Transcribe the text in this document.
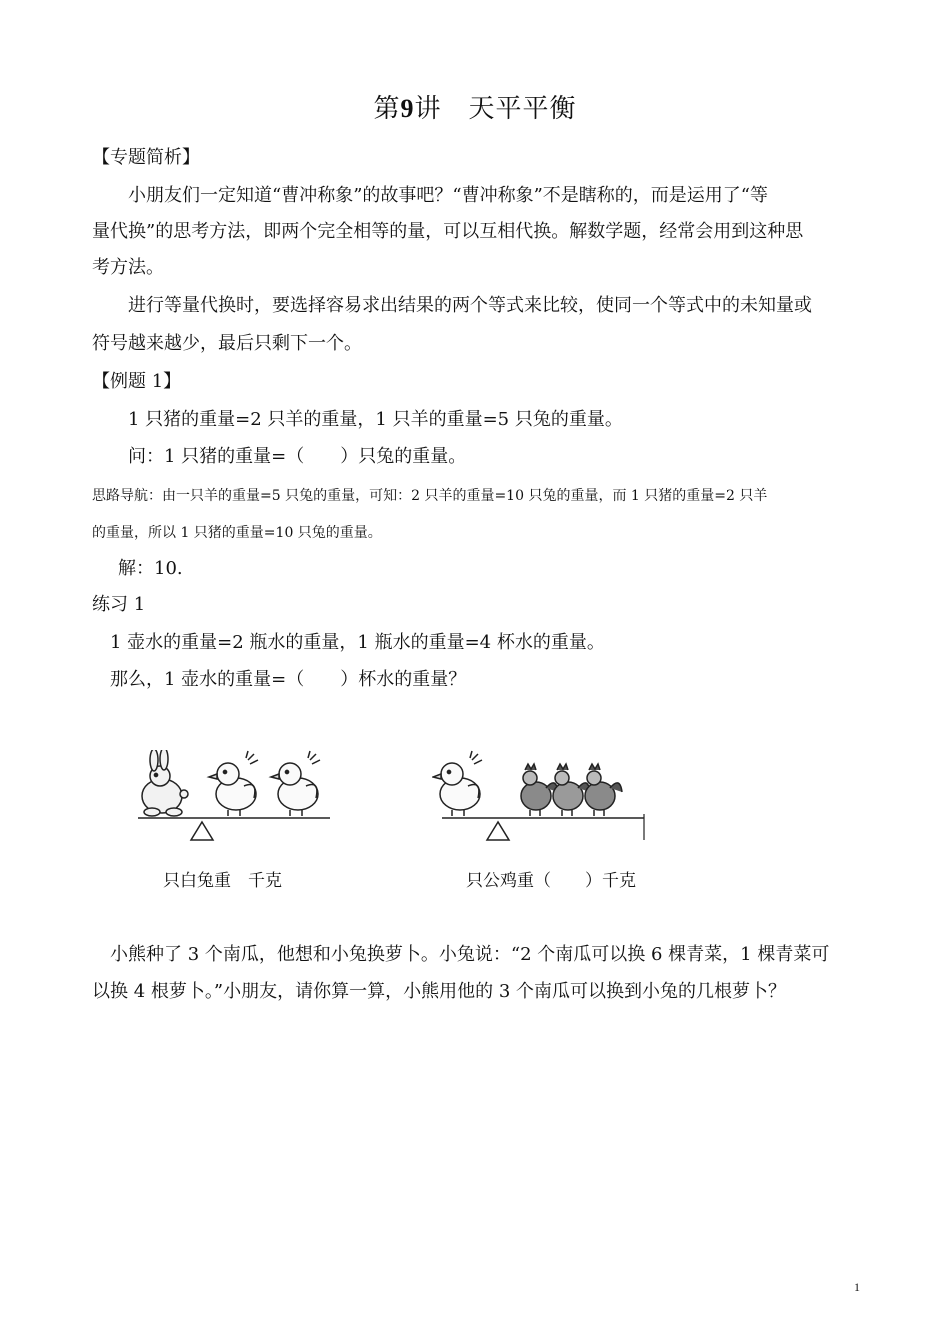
第9讲　天平平衡
【专题简析】
小朋友们一定知道“曹冲称象”的故事吧？“曹冲称象”不是瞎称的，而是运用了“等
量代换”的思考方法，即两个完全相等的量，可以互相代换。解数学题，经常会用到这种思
考方法。
进行等量代换时，要选择容易求出结果的两个等式来比较，使同一个等式中的未知量或
符号越来越少，最后只剩下一个。
【例题 1】
1 只猪的重量=2 只羊的重量，1 只羊的重量=5 只兔的重量。
问：1 只猪的重量=（　　）只兔的重量。
思路导航：由一只羊的重量=5 只兔的重量，可知：2 只羊的重量=10 只兔的重量，而 1 只猪的重量=2 只羊
的重量，所以 1 只猪的重量=10 只兔的重量。
解：10.
练习 1
1 壶水的重量=2 瓶水的重量，1 瓶水的重量=4 杯水的重量。
那么，1 壶水的重量=（　　）杯水的重量？
只白兔重　千克	只公鸡重（　　）千克
小熊种了 3 个南瓜，他想和小兔换萝卜。小兔说：“2 个南瓜可以换 6 棵青菜，1 棵青菜可
以换 4 根萝卜。”小朋友，请你算一算，小熊用他的 3 个南瓜可以换到小兔的几根萝卜？
1
